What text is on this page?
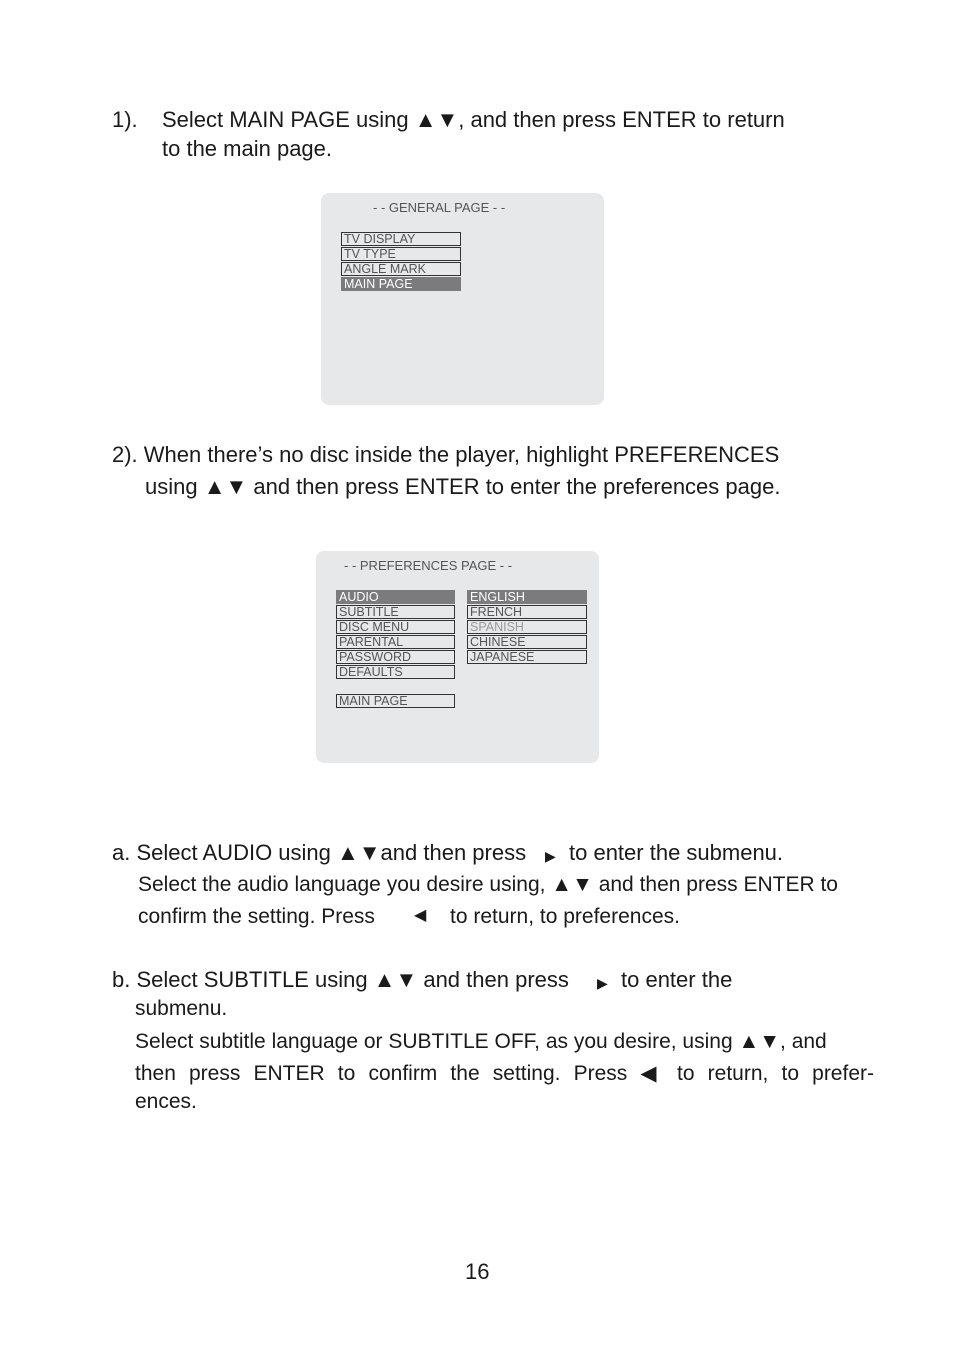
1). Select MAIN PAGE using ▲▼, and then press ENTER to return
to the main page.
- - GENERAL PAGE - -
TV DISPLAY
TV TYPE
ANGLE MARK
MAIN PAGE
2). When there’s no disc inside the player, highlight PREFERENCES
using ▲▼ and then press ENTER to enter the preferences page.
- - PREFERENCES PAGE - -
AUDIO
SUBTITLE
DISC MENU
PARENTAL
PASSWORD
DEFAULTS
MAIN PAGE
ENGLISH
FRENCH
SPANISH
CHINESE
JAPANESE
a. Select AUDIO using ▲▼and then press ▶ to enter the submenu.
Select the audio language you desire using, ▲▼ and then press ENTER to
confirm the setting. Press ◀ to return, to preferences.
b. Select SUBTITLE using ▲▼ and then press ▶ to enter the
submenu.
Select subtitle language or SUBTITLE OFF, as you desire, using ▲▼, and
then press ENTER to confirm the setting. Press ◀ to return, to prefer-
ences.
16
